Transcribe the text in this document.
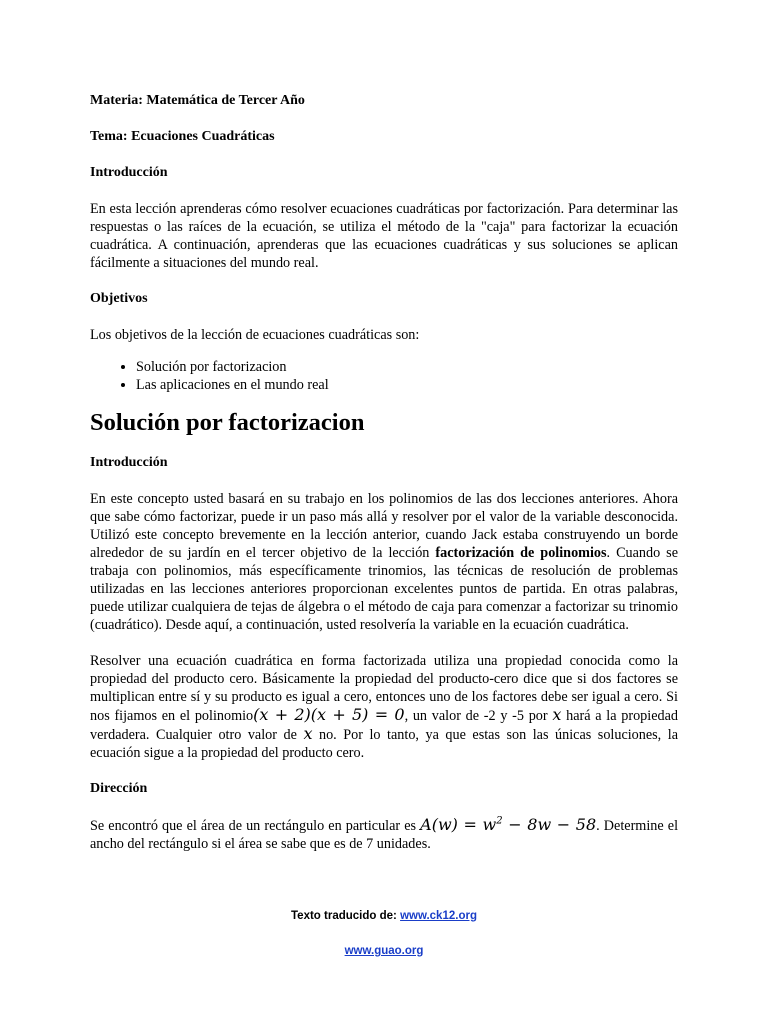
Materia: Matemática de Tercer Año

Tema: Ecuaciones Cuadráticas

Introducción

En esta lección aprenderas cómo resolver ecuaciones cuadráticas por factorización. Para determinar las respuestas o las raíces de la ecuación, se utiliza el método de la "caja" para factorizar la ecuación cuadrática. A continuación, aprenderas que las ecuaciones cuadráticas y sus soluciones se aplican fácilmente a situaciones del mundo real.

Objetivos

Los objetivos de la lección de ecuaciones cuadráticas son:

• Solución por factorizacion
• Las aplicaciones en el mundo real
Solución por factorizacion

Introducción

En este concepto usted basará en su trabajo en los polinomios de las dos lecciones anteriores. Ahora que sabe cómo factorizar, puede ir un paso más allá y resolver por el valor de la variable desconocida. Utilizó este concepto brevemente en la lección anterior, cuando Jack estaba construyendo un borde alrededor de su jardín en el tercer objetivo de la lección factorización de polinomios. Cuando se trabaja con polinomios, más específicamente trinomios, las técnicas de resolución de problemas utilizadas en las lecciones anteriores proporcionan excelentes puntos de partida. En otras palabras, puede utilizar cualquiera de tejas de álgebra o el método de caja para comenzar a factorizar su trinomio (cuadrático). Desde aquí, a continuación, usted resolvería la variable en la ecuación cuadrática.

Resolver una ecuación cuadrática en forma factorizada utiliza una propiedad conocida como la propiedad del producto cero. Básicamente la propiedad del producto-cero dice que si dos factores se multiplican entre sí y su producto es igual a cero, entonces uno de los factores debe ser igual a cero. Si nos fijamos en el polinomio(x + 2)(x + 5) = 0, un valor de -2 y -5 por x hará a la propiedad verdadera. Cualquier otro valor de x no. Por lo tanto, ya que estas son las únicas soluciones, la ecuación sigue a la propiedad del producto cero.

Dirección

Se encontró que el área de un rectángulo en particular es $A(w) = w^2 - 8w - 58$. Determine el ancho del rectángulo si el área se sabe que es de 7 unidades.

Texto traducido de: www.ck12.org
www.guao.org
